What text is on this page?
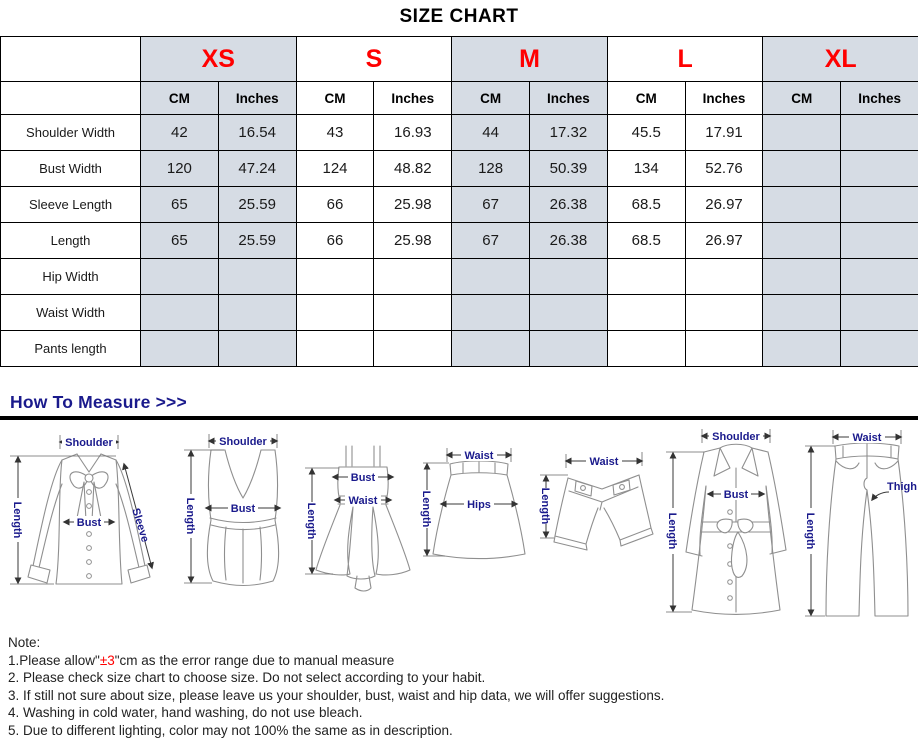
SIZE CHART
	XS		S		M		L		XL	
	CM	Inches	CM	Inches	CM	Inches	CM	Inches	CM	Inches
Shoulder Width	42	16.54	43	16.93	44	17.32	45.5	17.91		
Bust Width	120	47.24	124	48.82	128	50.39	134	52.76		
Sleeve Length	65	25.59	66	25.98	67	26.38	68.5	26.97		
Length	65	25.59	66	25.98	67	26.38	68.5	26.97		
Hip Width										
Waist Width										
Pants length										
How To Measure >>>
Shoulder
Bust
Length	Sleeve
Shoulder
Bust
Length
Bust
Waist
Length
Waist
Hips
Length
Waist
Length
Shoulder
Bust
Length
Waist
Thigh
Length
Note:
1.Please allow"±3"cm as the error range due to manual measure
2. Please check size chart to choose size. Do not select according to your habit.
3. If still not sure about size, please leave us your shoulder, bust, waist and hip data, we will offer suggestions.
4. Washing in cold water, hand washing, do not use bleach.
5. Due to different lighting, color may not 100% the same as in description.
